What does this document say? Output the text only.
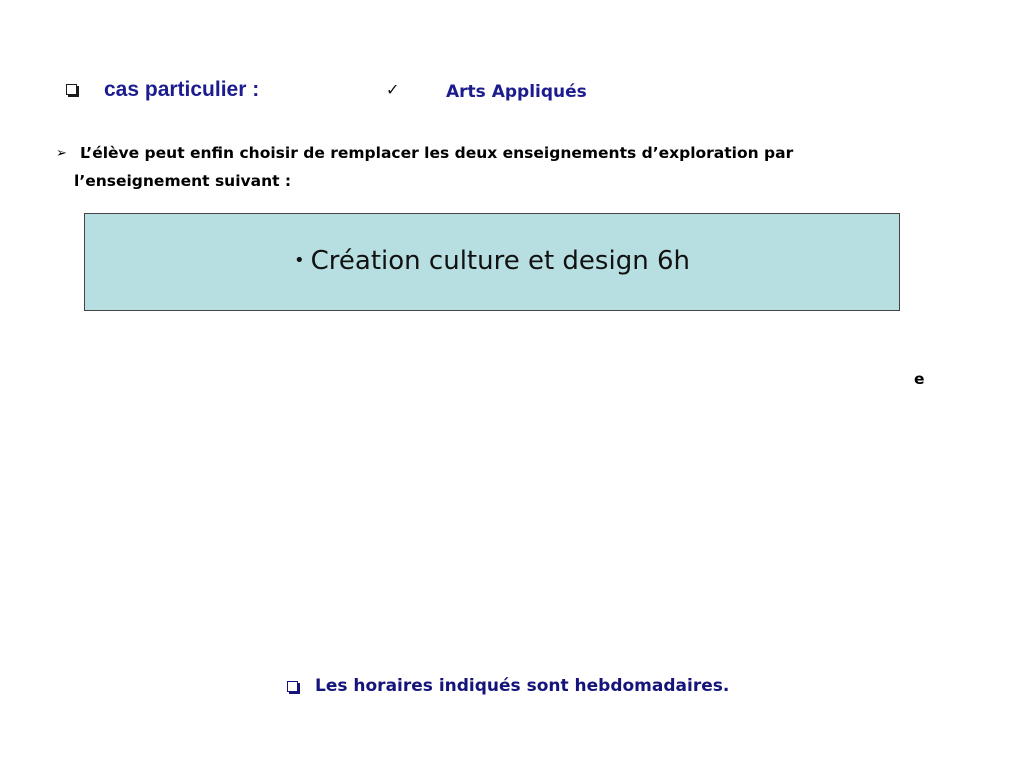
cas particulier :	✓	Arts Appliqués
➢ L’élève peut enfin choisir de remplacer les deux enseignements d’exploration par
l’enseignement suivant :
• Création culture et design 6h
e
Les horaires indiqués sont hebdomadaires.
